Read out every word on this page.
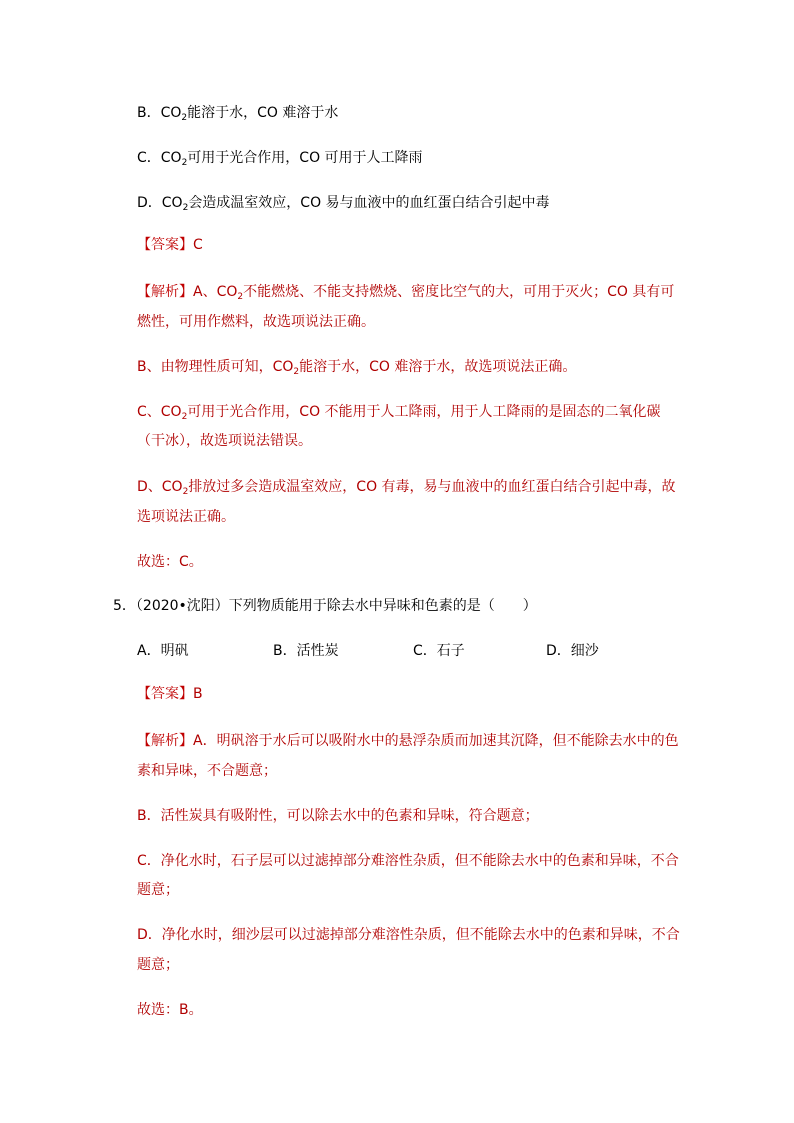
B．$CO_2$能溶于水，CO 难溶于水
C．$CO_2$可用于光合作用，CO 可用于人工降雨
D．$CO_2$会造成温室效应，CO 易与血液中的血红蛋白结合引起中毒
【答案】C
【解析】A、$CO_2$不能燃烧、不能支持燃烧、密度比空气的大，可用于灭火；CO 具有可
燃性，可用作燃料，故选项说法正确。
B、由物理性质可知，$CO_2$能溶于水，CO 难溶于水，故选项说法正确。
C、$CO_2$可用于光合作用，CO 不能用于人工降雨，用于人工降雨的是固态的二氧化碳
（干冰），故选项说法错误。
D、$CO_2$排放过多会造成温室效应，CO 有毒，易与血液中的血红蛋白结合引起中毒，故
选项说法正确。
故选：C。
5．（2020•沈阳）下列物质能用于除去水中异味和色素的是（　　）
A．明矾	B．活性炭	C．石子	D．细沙
【答案】B
【解析】A．明矾溶于水后可以吸附水中的悬浮杂质而加速其沉降，但不能除去水中的色
素和异味，不合题意；
B．活性炭具有吸附性，可以除去水中的色素和异味，符合题意；
C．净化水时，石子层可以过滤掉部分难溶性杂质，但不能除去水中的色素和异味，不合
题意；
D．净化水时，细沙层可以过滤掉部分难溶性杂质，但不能除去水中的色素和异味，不合
题意；
故选：B。
